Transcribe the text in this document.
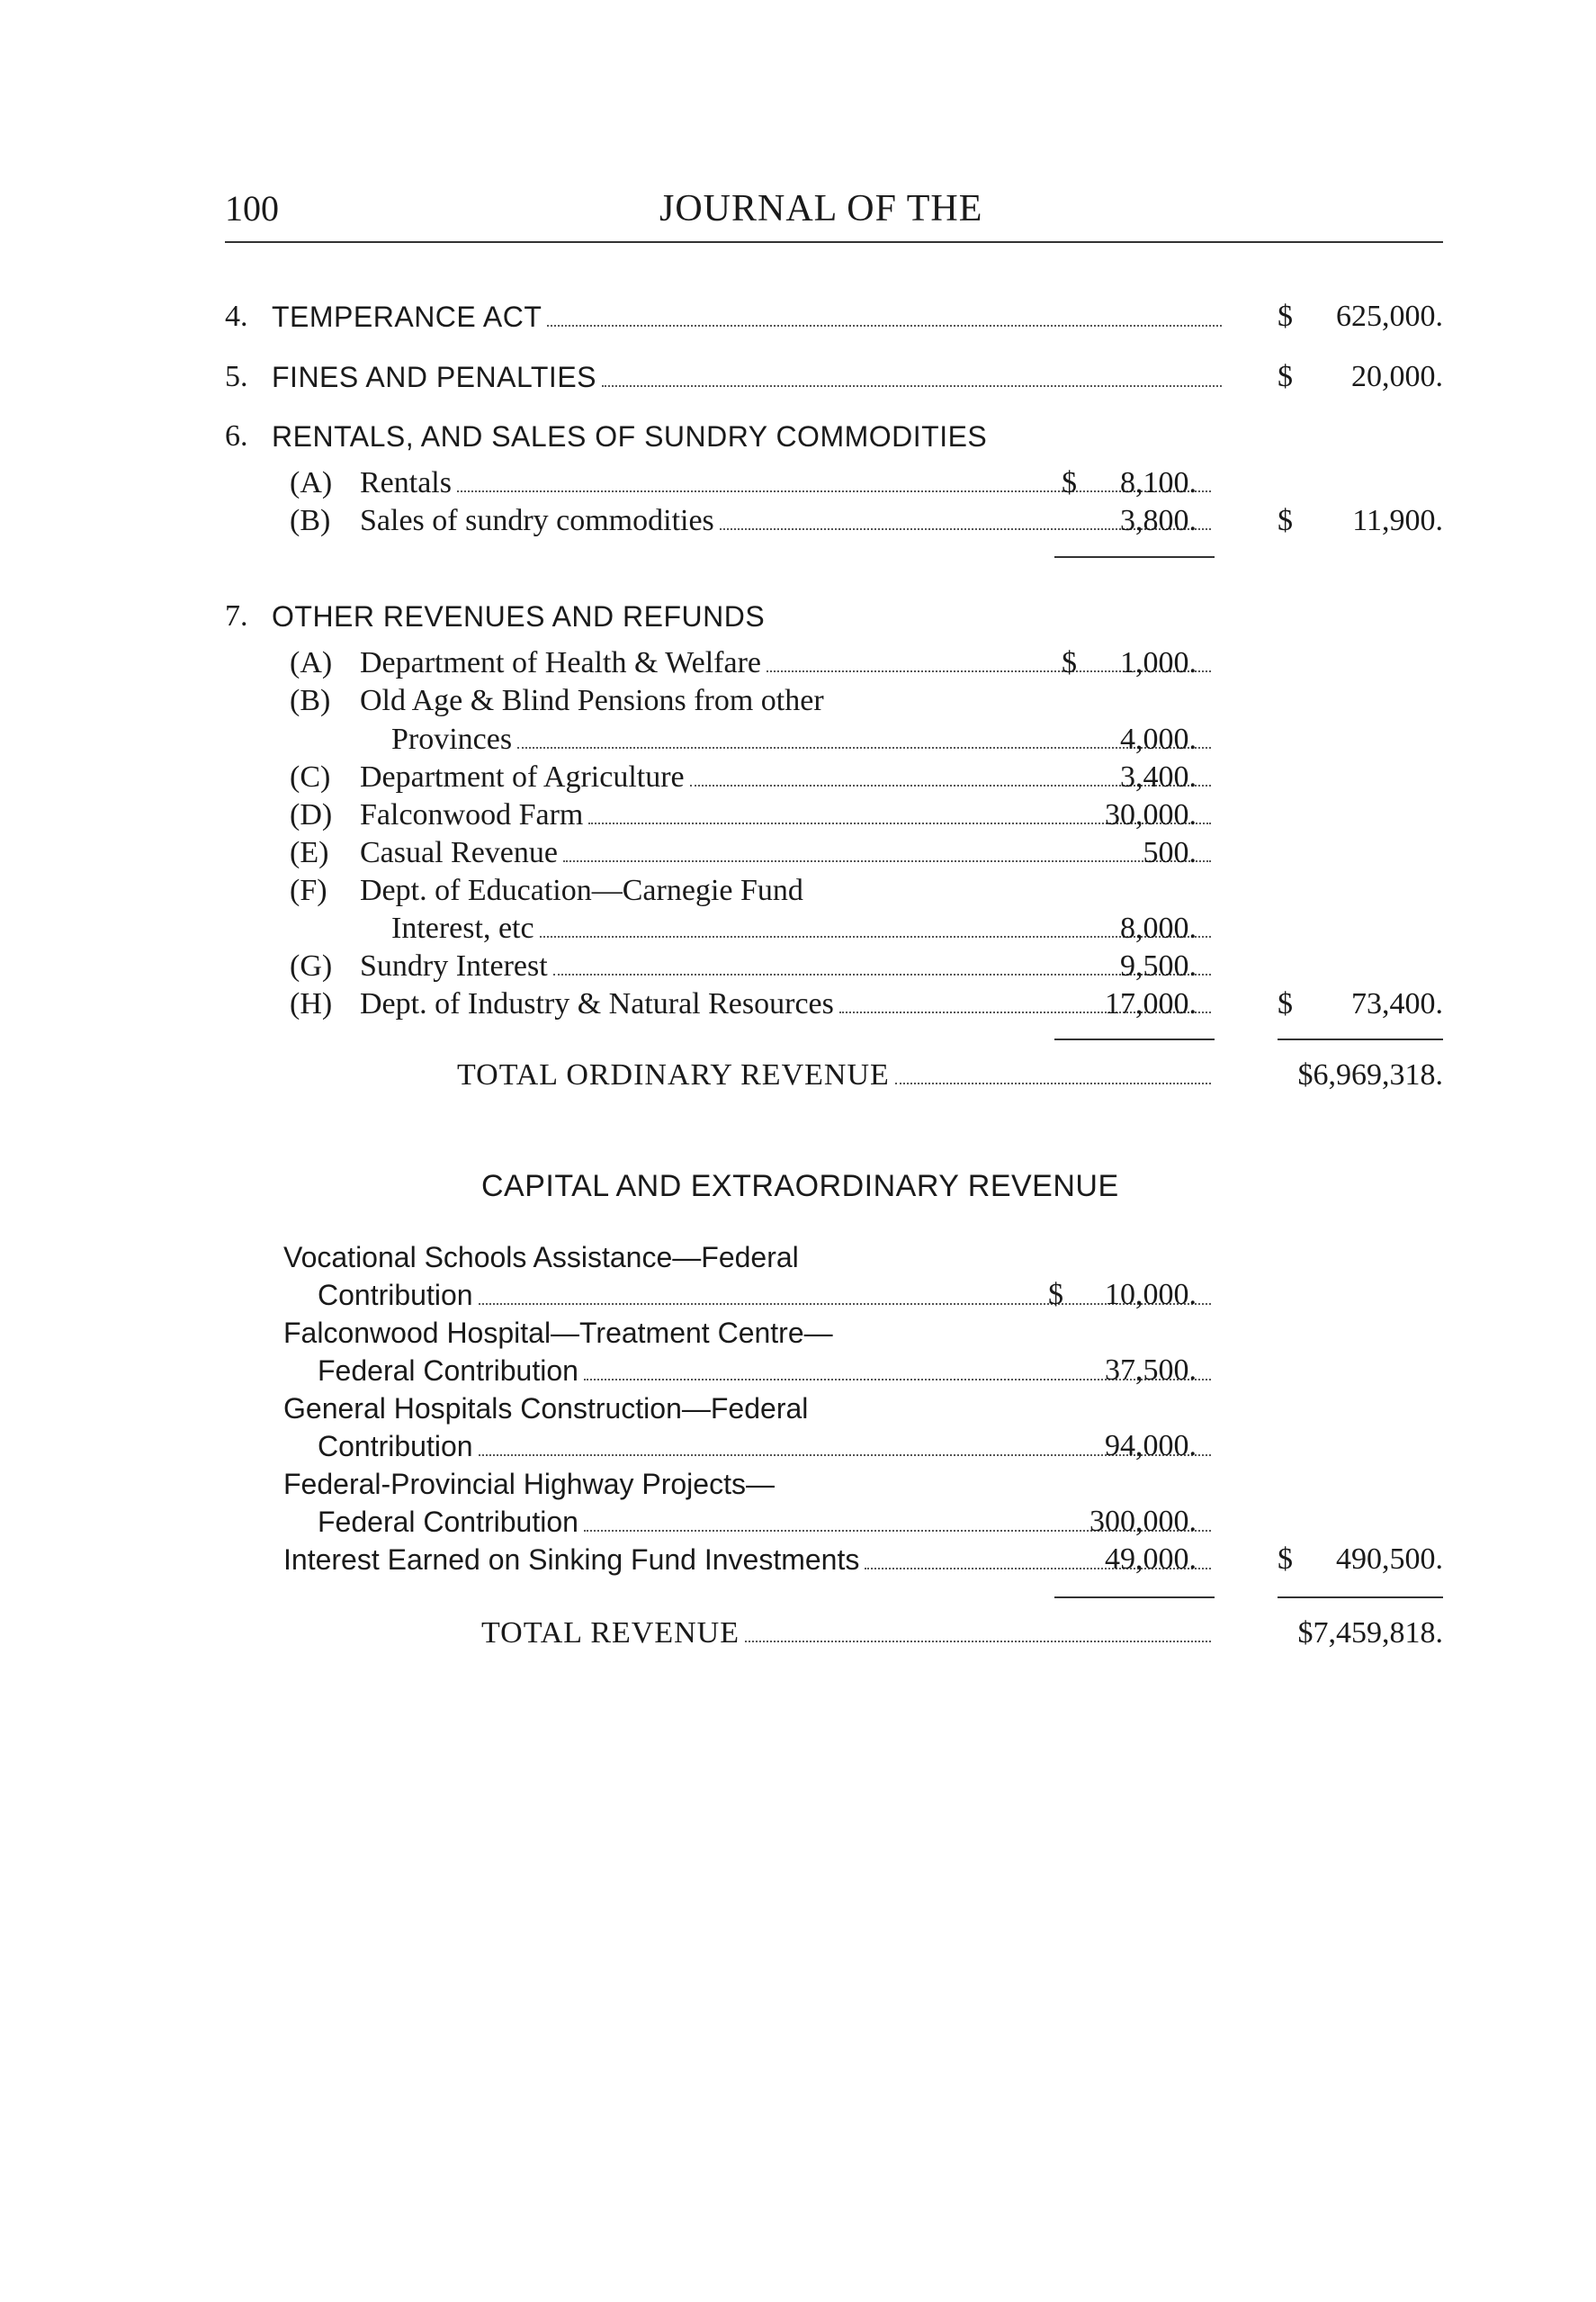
100	JOURNAL OF THE
4. TEMPERANCE ACT	$ 625,000.
5. FINES AND PENALTIES	$ 20,000.
6. RENTALS, AND SALES OF SUNDRY COMMODITIES
(A) Rentals	$ 8,100.
(B) Sales of sundry commodities	3,800.	$ 11,900.
7. OTHER REVENUES AND REFUNDS
(A) Department of Health & Welfare	$ 1,000.
(B) Old Age & Blind Pensions from other
Provinces	4,000.
(C) Department of Agriculture	3,400.
(D) Falconwood Farm	30,000.
(E) Casual Revenue	500.
(F) Dept. of Education—Carnegie Fund
Interest, etc	8,000.
(G) Sundry Interest	9,500.
(H) Dept. of Industry & Natural Resources	17,000.	$ 73,400.
TOTAL ORDINARY REVENUE	$6,969,318.
CAPITAL AND EXTRAORDINARY REVENUE
Vocational Schools Assistance—Federal
Contribution	$ 10,000.
Falconwood Hospital—Treatment Centre—
Federal Contribution	37,500.
General Hospitals Construction—Federal
Contribution	94,000.
Federal-Provincial Highway Projects—
Federal Contribution	300,000.
Interest Earned on Sinking Fund Investments	49,000.	$ 490,500.
TOTAL REVENUE	$7,459,818.
